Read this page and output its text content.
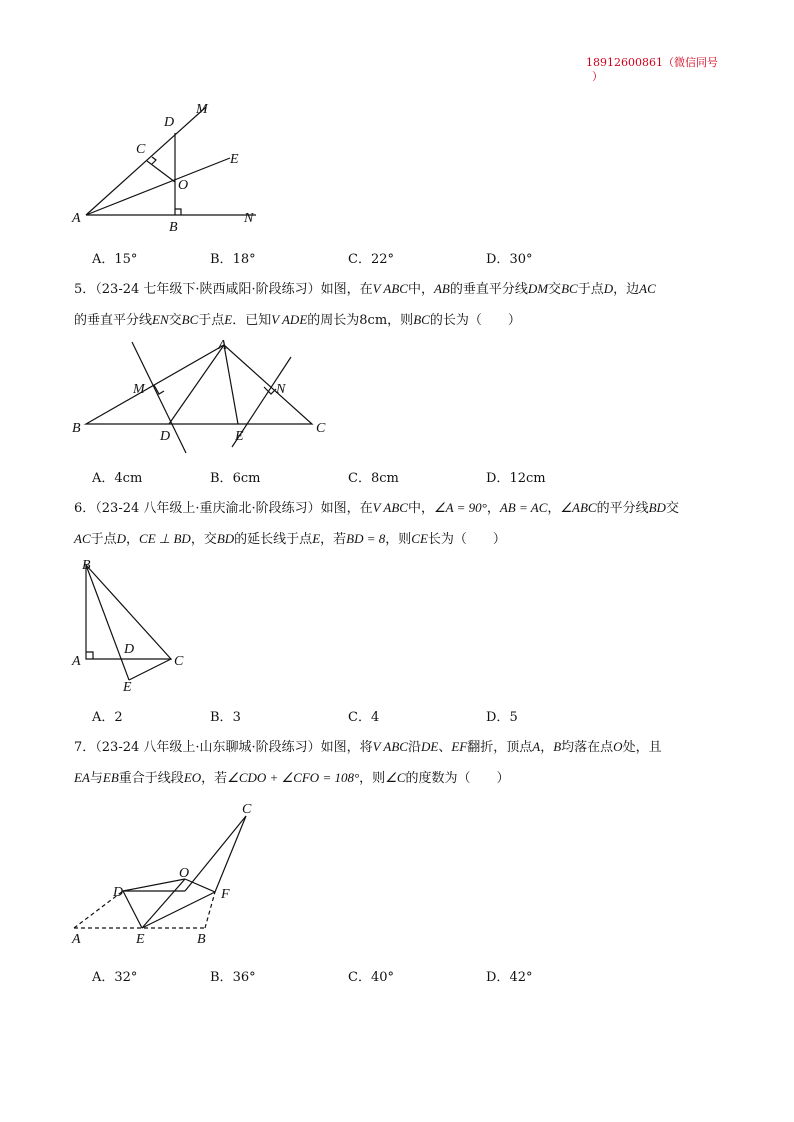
18912600861（微信同号
）
D
M
C
E
O
A
B
N
A．15°	B．18°	C．22°	D．30°
5．（23-24 七年级下·陕西咸阳·阶段练习）如图，在V ABC中，AB的垂直平分线DM交BC于点D，边AC
的垂直平分线EN交BC于点E．已知V ADE的周长为8cm，则BC的长为（　　）
A
M	N
B
D	E
C
A．4cm	B．6cm	C．8cm	D．12cm
6．（23-24 八年级上·重庆渝北·阶段练习）如图，在V ABC中，∠A = 90°，AB = AC，∠ABC的平分线BD交
AC于点D，CE ⊥ BD，交BD的延长线于点E，若BD = 8，则CE长为（　　）
B
A
D
C
E
A．2	B．3	C．4	D．5
7．（23-24 八年级上·山东聊城·阶段练习）如图，将V ABC沿DE、EF翻折，顶点A，B均落在点O处，且
EA与EB重合于线段EO，若∠CDO + ∠CFO = 108°，则∠C的度数为（　　）
C
O
D	F
A	E	B
A．32°	B．36°	C．40°	D．42°
